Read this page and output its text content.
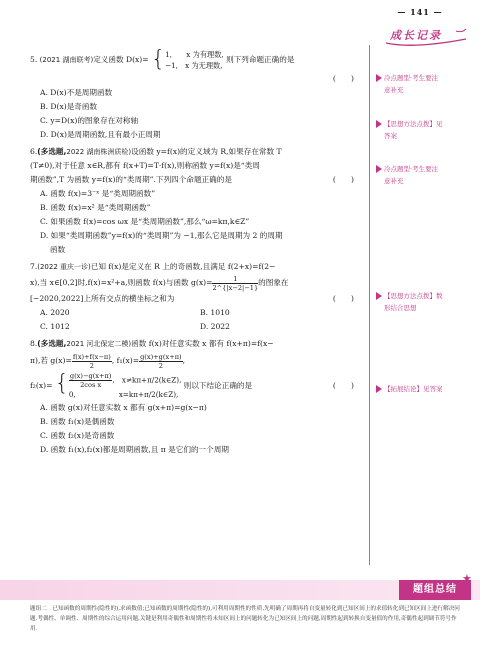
— 141 —
成长记录
冷点题型·考生要注
意补充
【思想方法点拨】见
答案
冷点题型·考生要注
意补充
【思想方法点拨】数
形结合思想
【拓展结论】见答案

5. (2021 湖南联考)定义函数 D(x)= { 1,　　x 为有理数,
−1,　x 为无理数,
则下列命题正确的是

(　　)

A. D(x)不是周期函数

B. D(x)是奇函数

C. y=D(x)的图象存在对称轴

D. D(x)是周期函数,且有最小正周期

6.(多选题,2022 湖南株洲质检)设函数 y=f(x)的定义域为 R,如果存在常数 T

(T≠0),对于任意 x∈R,都有 f(x+T)=T·f(x),则称函数 y=f(x)是“类周

期函数”,T 为函数 y=f(x)的“类周期”.下列四个命题正确的是	(　　)

A. 函数 f(x)=3⁻ˣ 是“类周期函数”

B. 函数 f(x)=x² 是“类周期函数”

C. 如果函数 f(x)=cos ωx 是“类周期函数”,那么“ω=kπ,k∈Z”

D. 如果“类周期函数”y=f(x)的“类周期”为 −1,那么它是周期为 2 的周期

函数

7.(2022 重庆一诊)已知 f(x)是定义在 R 上的奇函数,且满足 f(2+x)=f(2−

x),当 x∈[0,2]时,f(x)=x²+a,则函数 f(x)与函数 $g(x)= \frac{1}{2\^{}\{|x-2|-1\}}$ 的图象在

[−2020,2022]上所有交点的横坐标之和为	(　　)

A. 2020	B. 1010
C. 1012	D. 2022

8.(多选题,2021 河北保定二模)函数 f(x)对任意实数 x 都有 f(x+π)=f(x−

π),若 $g(x)= \frac{f(x)+f(x-\pi)}{2}$ , $f_1(x)= \frac{g(x)+g(x+\pi)}{2}$ ,

f₂(x)= { $\frac{g(x)-g(x+\pi)}{\text{2cos x}}$ ,　x≠kπ+π/2(k∈Z),
0,　　　　　　x=kπ+π/2(k∈Z),
则以下结论正确的是	(　　)

A. 函数 g(x)对任意实数 x 都有 g(x+π)=g(x−π)

B. 函数 f₁(x)是偶函数

C. 函数 f₂(x)是奇函数

D. 函数 f₁(x),f₂(x)都是周期函数,且 π 是它们的一个周期

题组总结
★
题组二　已知函数的周期性(隐性的),求函数值;已知函数的周期性(隐性的),可利用周期性的性质,先明确了周期再将自变量转化到已知区间上的求值转化到已知区间上进行解决问题.考偶性、单调性、周期性的综合运用问题,关键是利用奇偶性和周期性将未知区间上的问题转化为已知区间上的问题,周期性起到转换自变量值的作用,奇偶性起到调节符号作用.
